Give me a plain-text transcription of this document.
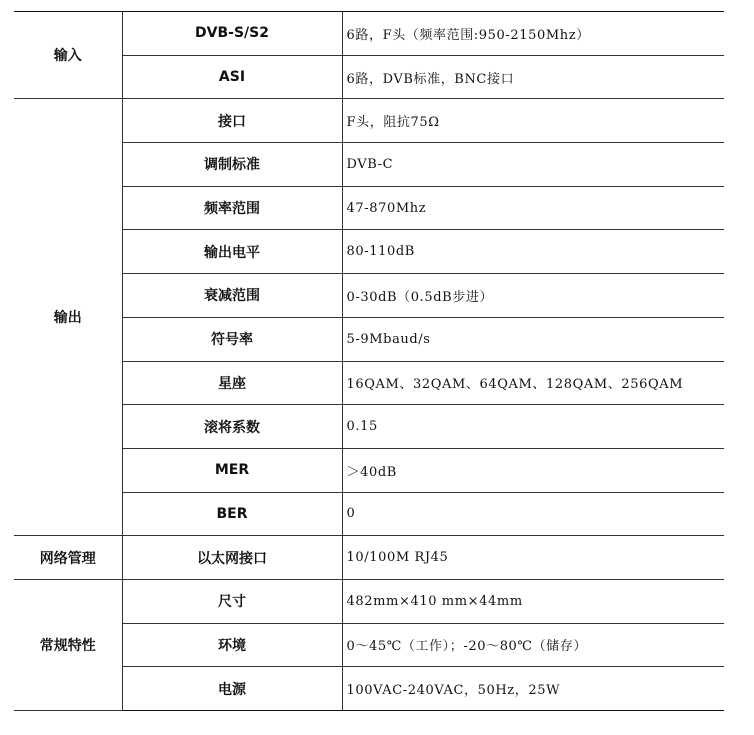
输入	DVB-S/S2	6路，F头（频率范围:950-2150Mhz）
	ASI	6路，DVB标准，BNC接口
输出	接口	F头，阻抗75Ω
	调制标准	DVB-C
	频率范围	47-870Mhz
	输出电平	80-110dB
	衰减范围	0-30dB（0.5dB步进）
	符号率	5-9Mbaud/s
	星座	16QAM、32QAM、64QAM、128QAM、256QAM
	滚将系数	0.15
	MER	＞40dB
	BER	0
网络管理	以太网接口	10/100M RJ45
常规特性	尺寸	482mm×410 mm×44mm
	环境	0～45℃（工作）；-20～80℃（储存）
	电源	100VAC-240VAC，50Hz，25W
